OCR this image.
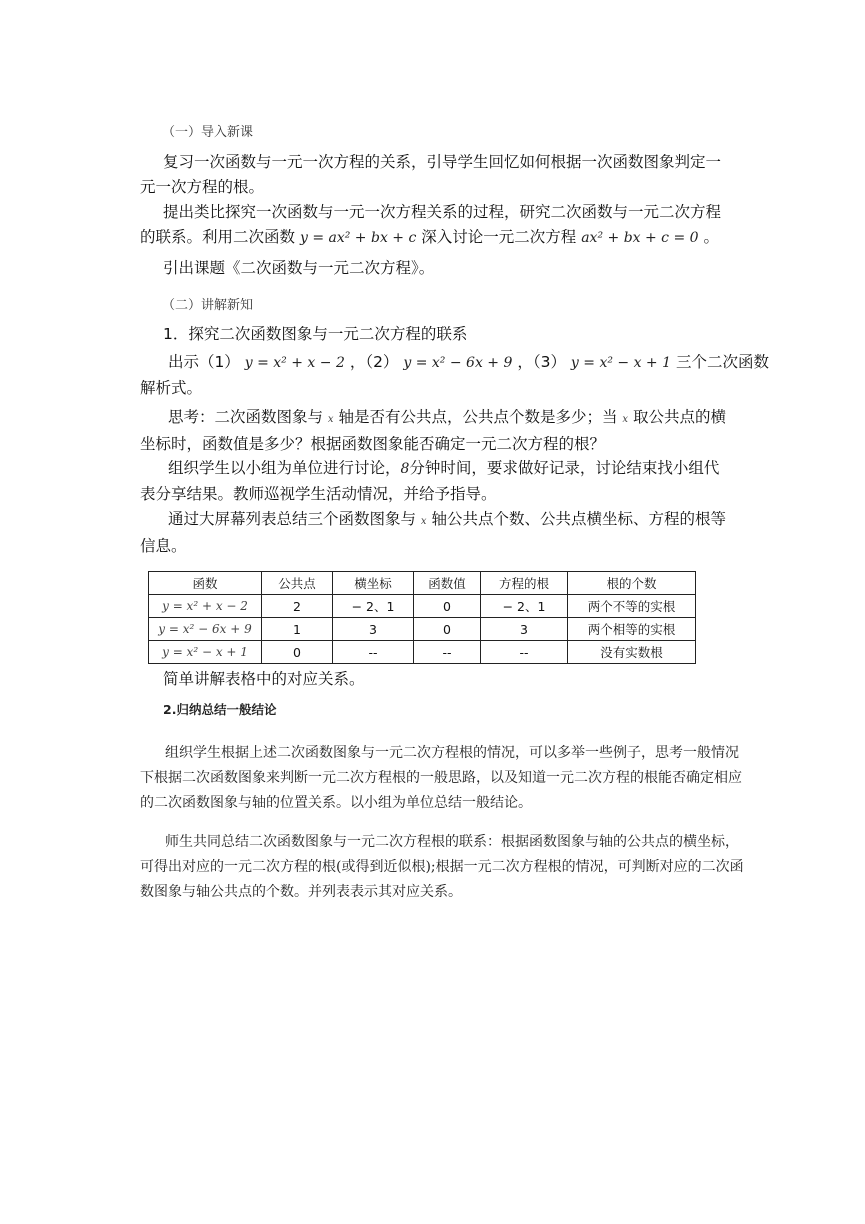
（一）导入新课
复习一次函数与一元一次方程的关系，引导学生回忆如何根据一次函数图象判定一
元一次方程的根。
提出类比探究一次函数与一元一次方程关系的过程，研究二次函数与一元二次方程
的联系。利用二次函数 y = ax² + bx + c 深入讨论一元二次方程 ax² + bx + c = 0 。
引出课题《二次函数与一元二次方程》。
（二）讲解新知
1．探究二次函数图象与一元二次方程的联系
出示（1） y = x² + x − 2 ，（2） y = x² − 6x + 9 ，（3） y = x² − x + 1 三个二次函数
解析式。
思考：二次函数图象与 x 轴是否有公共点，公共点个数是多少；当 x 取公共点的横
坐标时，函数值是多少？根据函数图象能否确定一元二次方程的根？
组织学生以小组为单位进行讨论，8分钟时间，要求做好记录，讨论结束找小组代
表分享结果。教师巡视学生活动情况，并给予指导。
通过大屏幕列表总结三个函数图象与 x 轴公共点个数、公共点横坐标、方程的根等
信息。
函数	公共点	横坐标	函数值	方程的根	根的个数
y = x² + x − 2	2	− 2、1	0	− 2、1	两个不等的实根
y = x² − 6x + 9	1	3	0	3	两个相等的实根
y = x² − x + 1	0	--	--	--	没有实数根
简单讲解表格中的对应关系。
2.归纳总结一般结论
组织学生根据上述二次函数图象与一元二次方程根的情况，可以多举一些例子，思考一般情况下根据二次函数图象来判断一元二次方程根的一般思路，以及知道一元二次方程的根能否确定相应的二次函数图象与轴的位置关系。以小组为单位总结一般结论。
师生共同总结二次函数图象与一元二次方程根的联系：根据函数图象与轴的公共点的横坐标，可得出对应的一元二次方程的根(或得到近似根);根据一元二次方程根的情况，可判断对应的二次函数图象与轴公共点的个数。并列表表示其对应关系。
